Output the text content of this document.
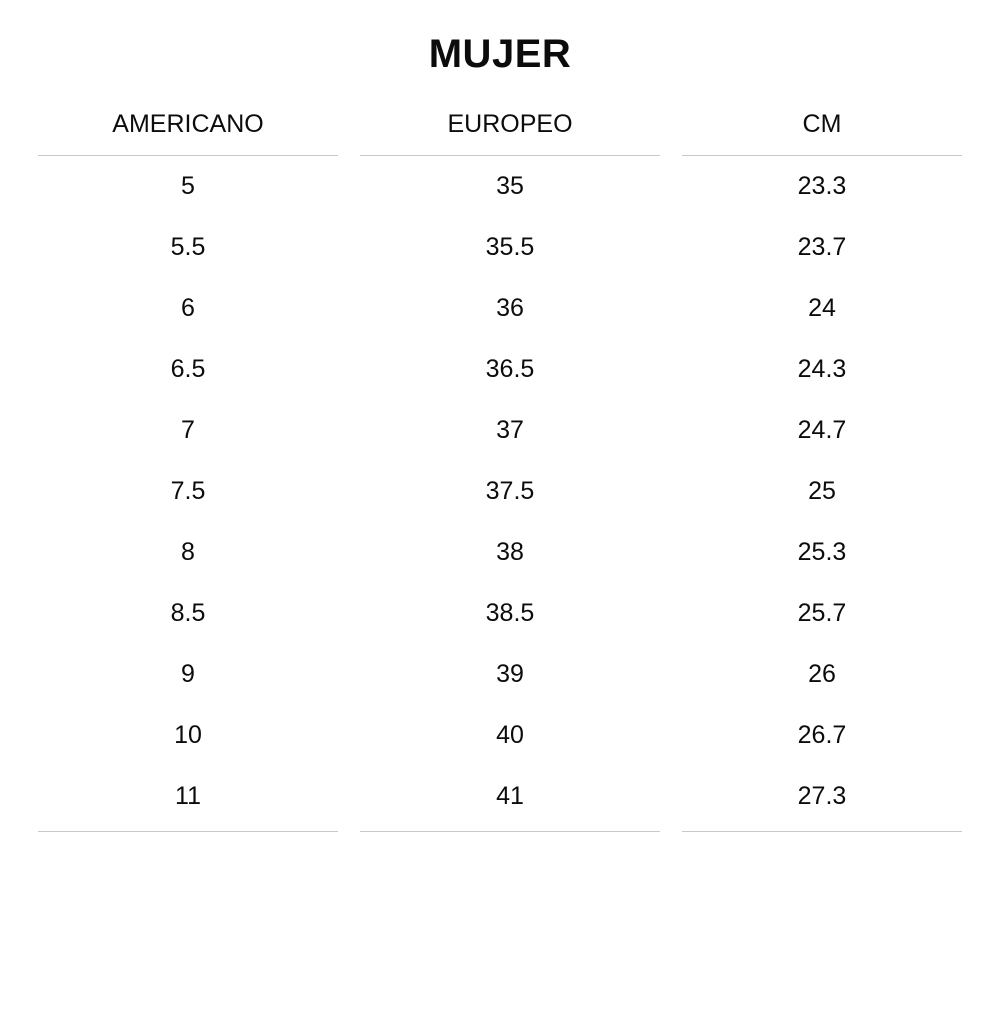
MUJER
AMERICANO		EUROPEO		CM
5		35		23.3
5.5		35.5		23.7
6		36		24
6.5		36.5		24.3
7		37		24.7
7.5		37.5		25
8		38		25.3
8.5		38.5		25.7
9		39		26
10		40		26.7
11		41		27.3
